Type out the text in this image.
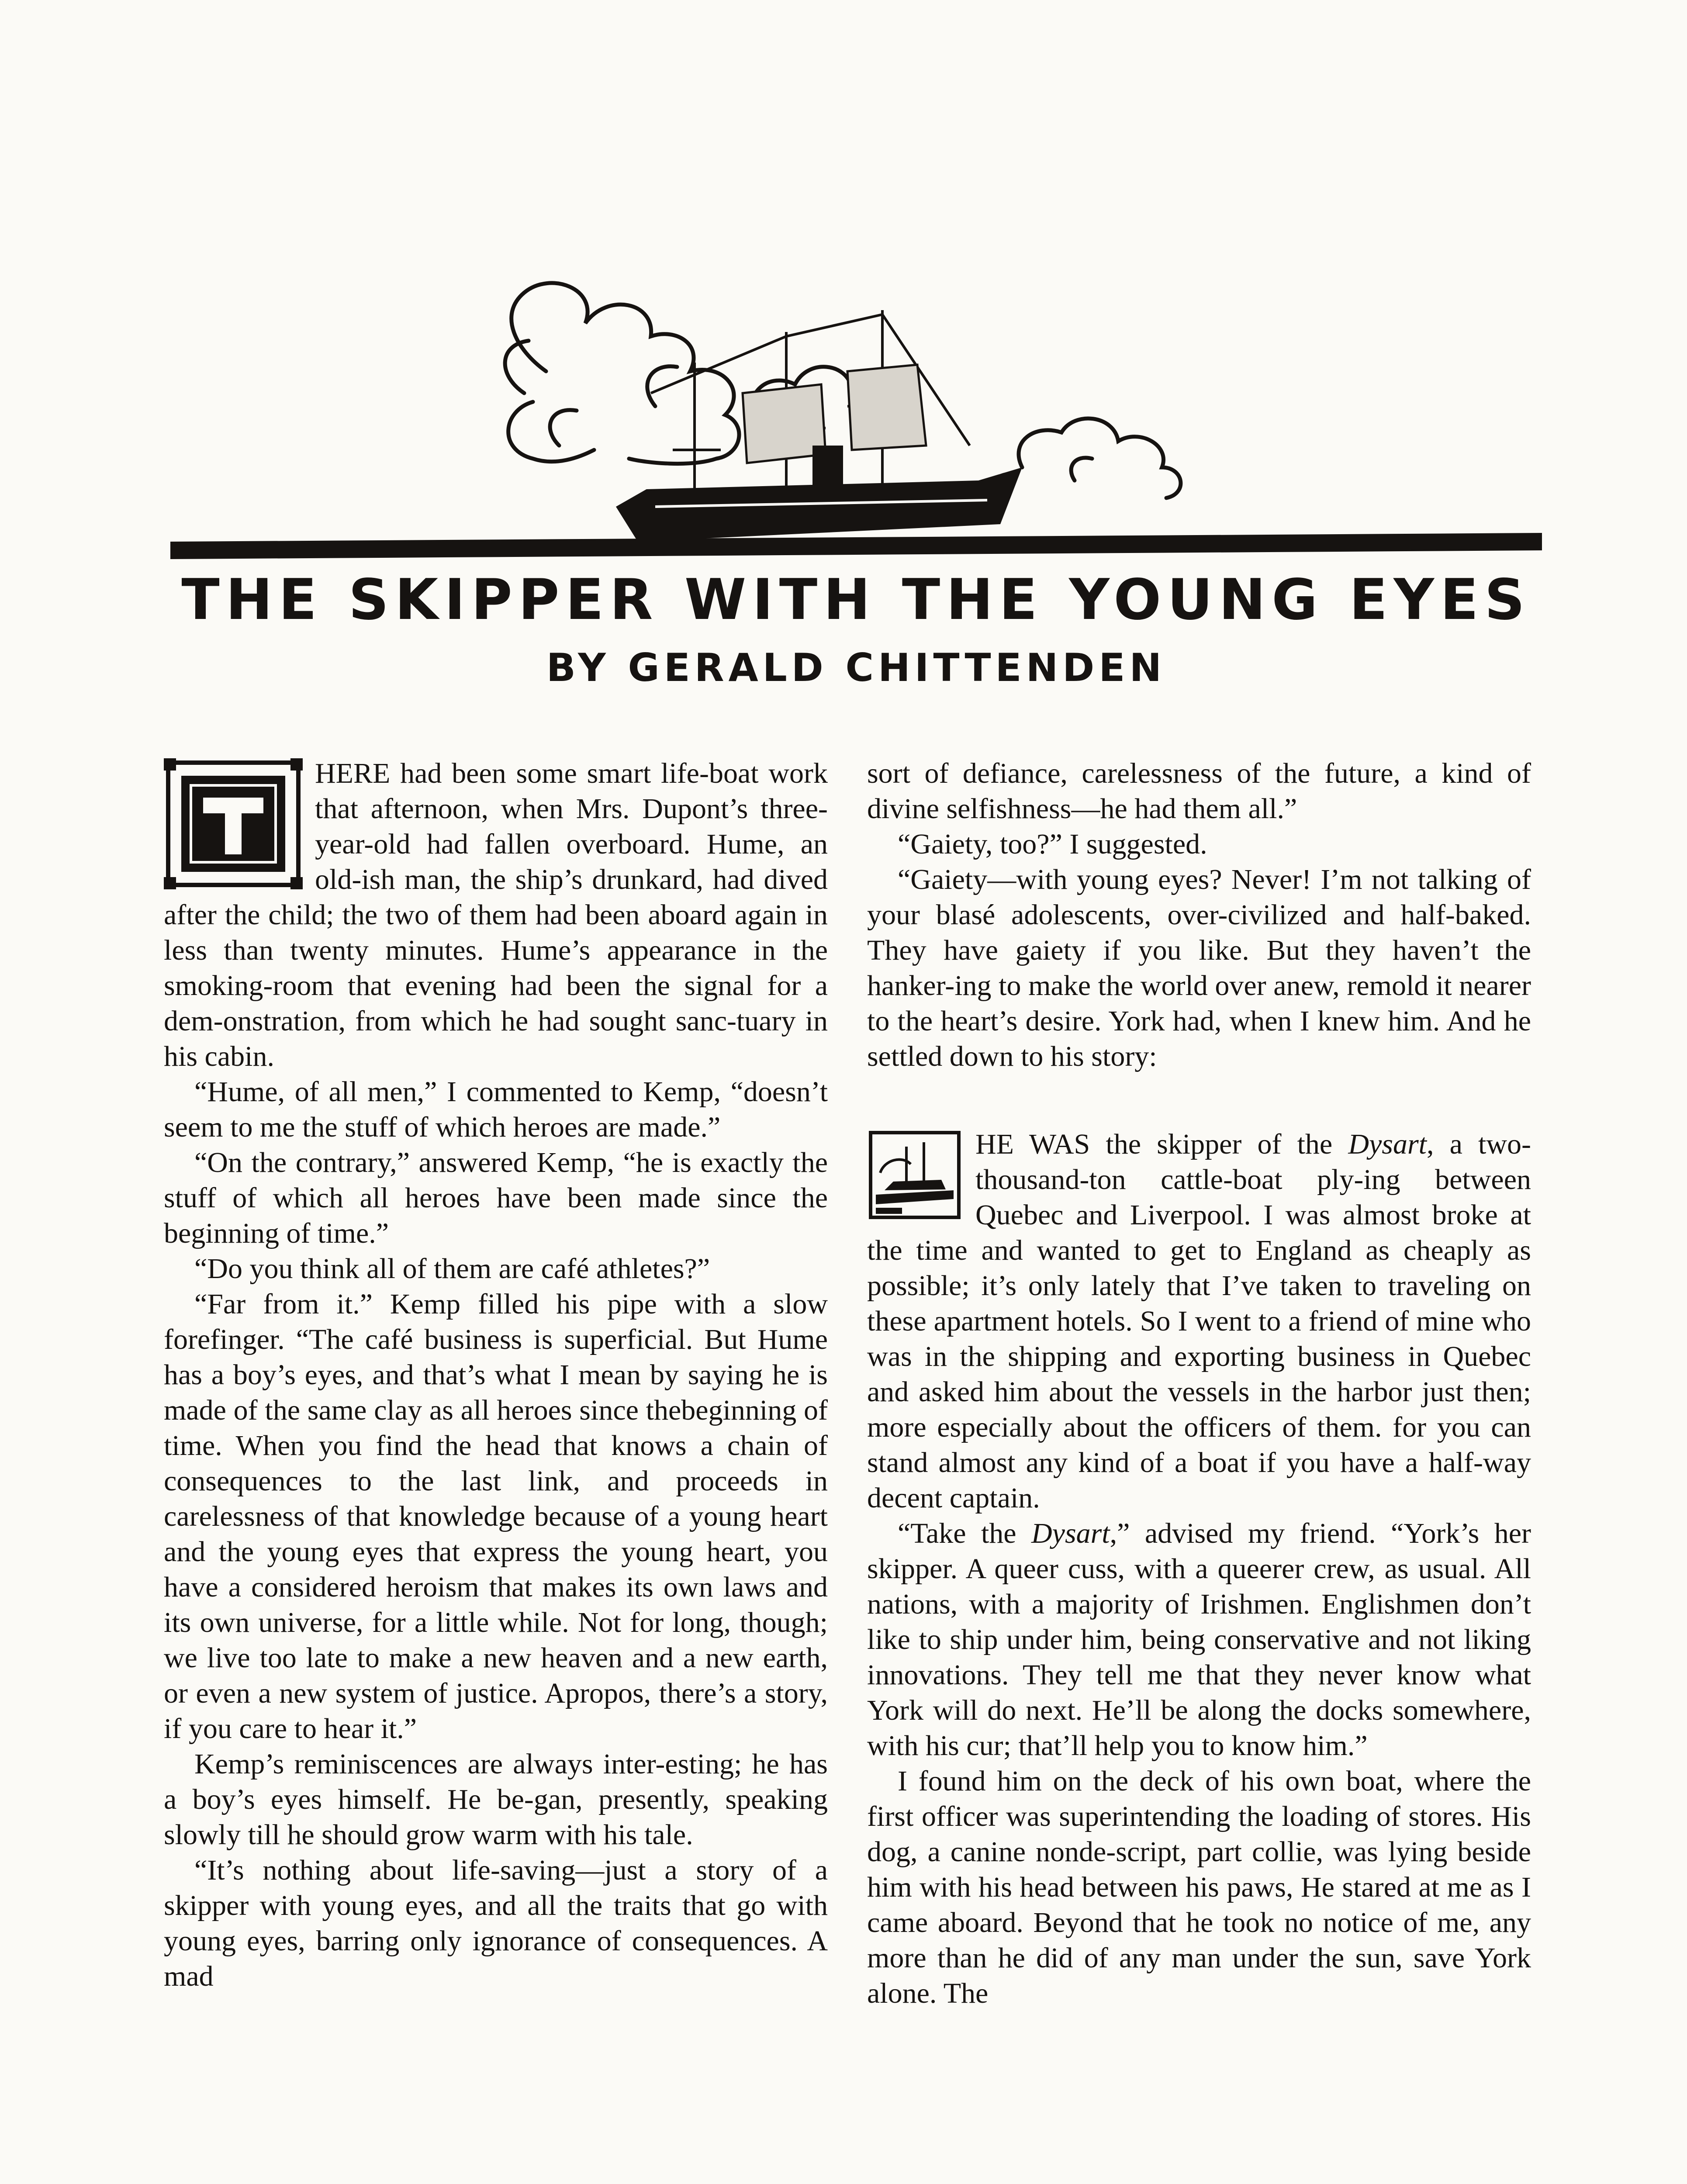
THE SKIPPER WITH THE YOUNG EYES
BY GERALD CHITTENDEN

HERE had been some smart life-boat work that afternoon, when Mrs. Dupont’s three-year-old had fallen overboard. Hume, an old-ish man, the ship’s drunkard, had dived after the child; the two of them had been aboard again in less than twenty minutes. Hume’s appearance in the smoking-room that evening had been the signal for a dem-onstration, from which he had sought sanc-tuary in his cabin.

“Hume, of all men,” I commented to Kemp, “doesn’t seem to me the stuff of which heroes are made.”

“On the contrary,” answered Kemp, “he is exactly the stuff of which all heroes have been made since the beginning of time.”

“Do you think all of them are café athletes?”

“Far from it.” Kemp filled his pipe with a slow forefinger. “The café business is superficial. But Hume has a boy’s eyes, and that’s what I mean by saying he is made of the same clay as all heroes since thebeginning of time. When you find the head that knows a chain of consequences to the last link, and proceeds in carelessness of that knowledge because of a young heart and the young eyes that express the young heart, you have a considered heroism that makes its own laws and its own universe, for a little while. Not for long, though; we live too late to make a new heaven and a new earth, or even a new system of justice. Apropos, there’s a story, if you care to hear it.”

Kemp’s reminiscences are always inter-esting; he has a boy’s eyes himself. He be-gan, presently, speaking slowly till he should grow warm with his tale.

“It’s nothing about life-saving—just a story of a skipper with young eyes, and all the traits that go with young eyes, barring only ignorance of consequences. A mad

sort of defiance, carelessness of the future, a kind of divine selfishness—he had them all.”

“Gaiety, too?” I suggested.

“Gaiety—with young eyes? Never! I’m not talking of your blasé adolescents, over-civilized and half-baked. They have gaiety if you like. But they haven’t the hanker-ing to make the world over anew, remold it nearer to the heart’s desire. York had, when I knew him. And he settled down to his story:

HE WAS the skipper of the Dysart, a two-thousand-ton cattle-boat ply-ing between Quebec and Liverpool. I was almost broke at the time and wanted to get to England as cheaply as possible; it’s only lately that I’ve taken to traveling on these apartment hotels. So I went to a friend of mine who was in the shipping and exporting business in Quebec and asked him about the vessels in the harbor just then; more especially about the officers of them. for you can stand almost any kind of a boat if you have a half-way decent captain.

“Take the Dysart,” advised my friend. “York’s her skipper. A queer cuss, with a queerer crew, as usual. All nations, with a majority of Irishmen. Englishmen don’t like to ship under him, being conservative and not liking innovations. They tell me that they never know what York will do next. He’ll be along the docks somewhere, with his cur; that’ll help you to know him.”

I found him on the deck of his own boat, where the first officer was superintending the loading of stores. His dog, a canine nonde-script, part collie, was lying beside him with his head between his paws, He stared at me as I came aboard. Beyond that he took no notice of me, any more than he did of any man under the sun, save York alone. The
